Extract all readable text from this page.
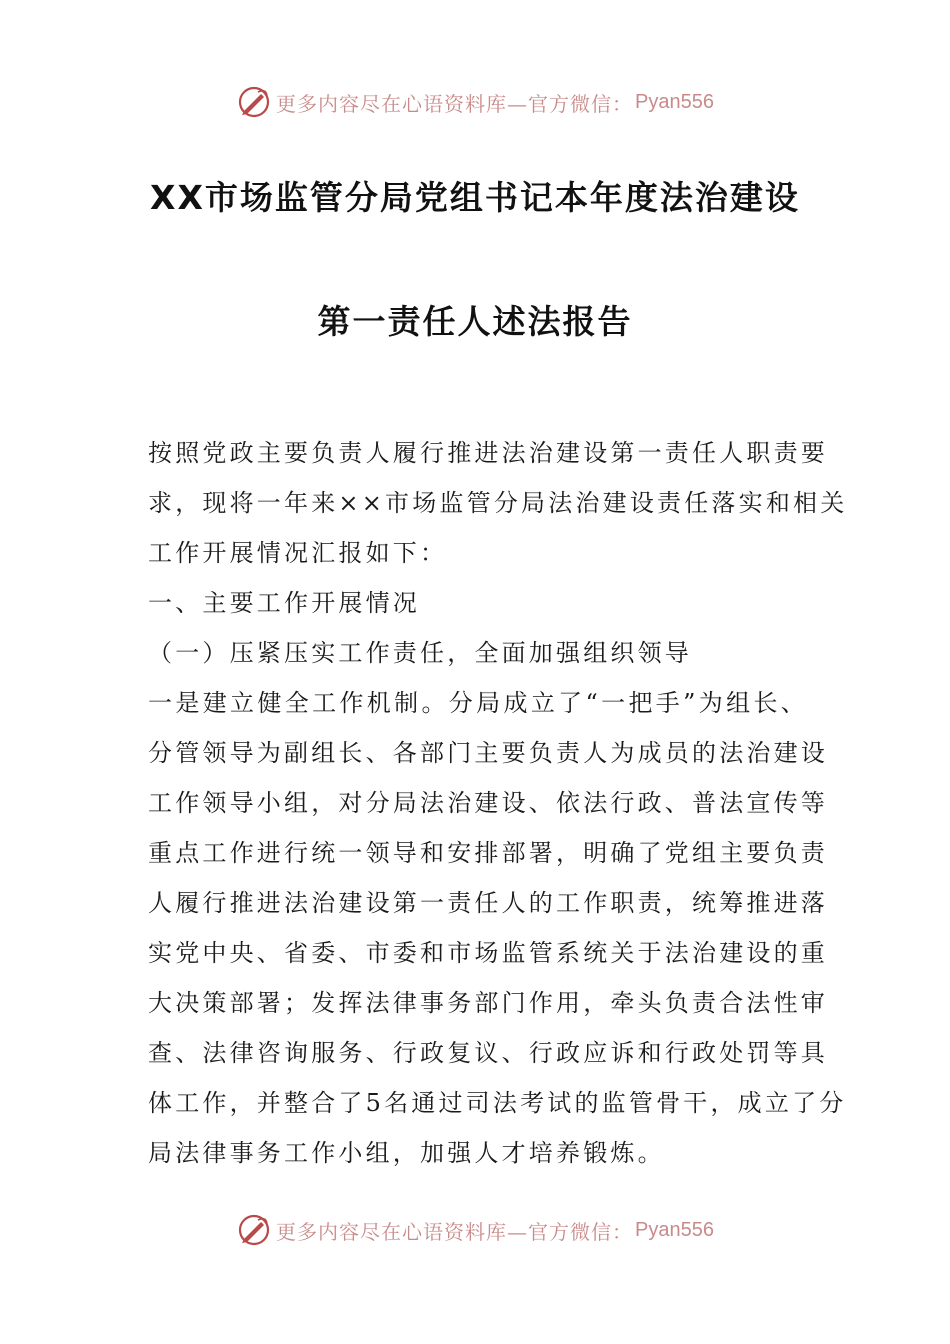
更多内容尽在心语资料库—官方微信： Pyan556
XX市场监管分局党组书记本年度法治建设
第一责任人述法报告
按照党政主要负责人履行推进法治建设第一责任人职责要
求，现将一年来××市场监管分局法治建设责任落实和相关
工作开展情况汇报如下：
一、主要工作开展情况
（一）压紧压实工作责任，全面加强组织领导
一是建立健全工作机制。分局成立了“一把手”为组长、
分管领导为副组长、各部门主要负责人为成员的法治建设
工作领导小组，对分局法治建设、依法行政、普法宣传等
重点工作进行统一领导和安排部署，明确了党组主要负责
人履行推进法治建设第一责任人的工作职责，统筹推进落
实党中央、省委、市委和市场监管系统关于法治建设的重
大决策部署；发挥法律事务部门作用，牵头负责合法性审
查、法律咨询服务、行政复议、行政应诉和行政处罚等具
体工作，并整合了5名通过司法考试的监管骨干，成立了分
局法律事务工作小组，加强人才培养锻炼。
更多内容尽在心语资料库—官方微信： Pyan556
